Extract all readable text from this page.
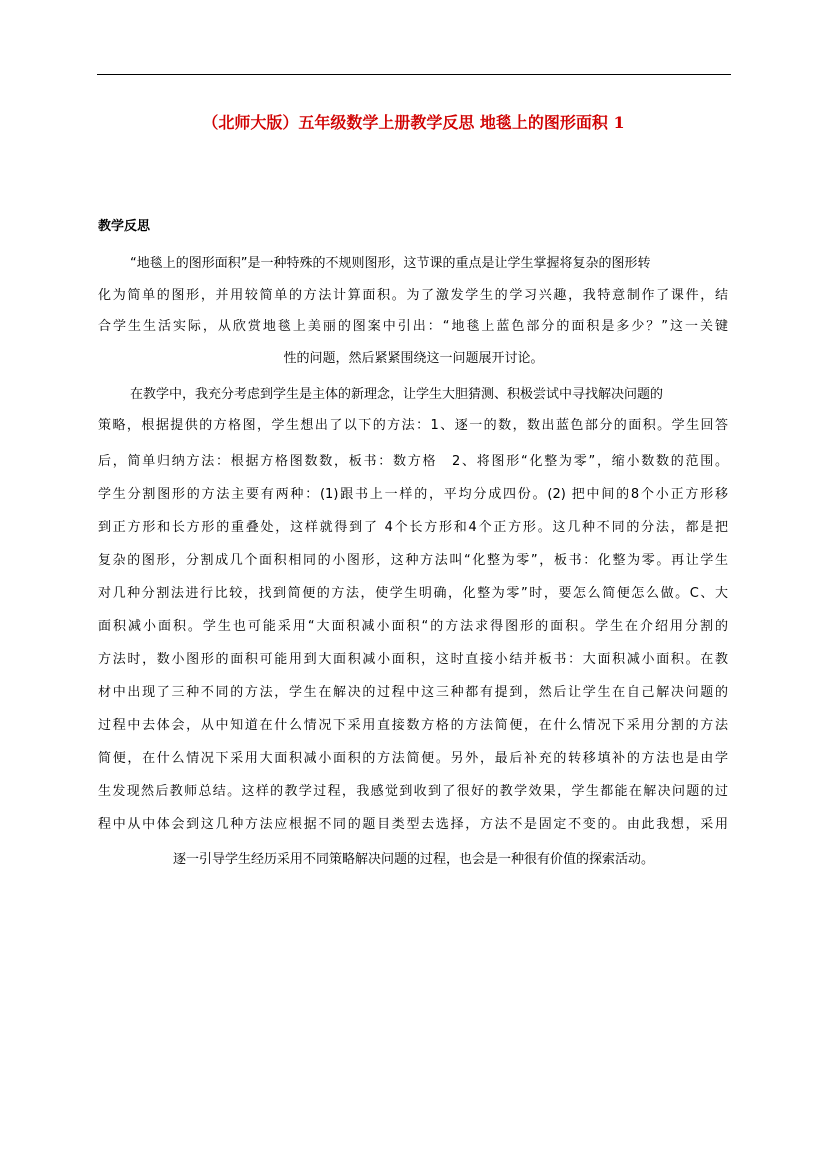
（北师大版）五年级数学上册教学反思 地毯上的图形面积 1
教学反思
“地毯上的图形面积”是一种特殊的不规则图形，这节课的重点是让学生掌握将复杂的图形转
化为简单的图形，并用较简单的方法计算面积。为了激发学生的学习兴趣，我特意制作了课件，结
合学生生活实际，从欣赏地毯上美丽的图案中引出：“地毯上蓝色部分的面积是多少？”这一关键
性的问题，然后紧紧围绕这一问题展开讨论。
在教学中，我充分考虑到学生是主体的新理念，让学生大胆猜测、积极尝试中寻找解决问题的
策略，根据提供的方格图，学生想出了以下的方法：1、逐一的数，数出蓝色部分的面积。学生回答
后，简单归纳方法：根据方格图数数，板书：数方格　2、将图形“化整为零”，缩小数数的范围。
学生分割图形的方法主要有两种：(1)跟书上一样的，平均分成四份。(2) 把中间的8个小正方形移
到正方形和长方形的重叠处，这样就得到了 4个长方形和4个正方形。这几种不同的分法，都是把
复杂的图形，分割成几个面积相同的小图形，这种方法叫“化整为零”，板书：化整为零。再让学生
对几种分割法进行比较，找到简便的方法，使学生明确，化整为零”时，要怎么简便怎么做。C、大
面积减小面积。学生也可能采用“大面积减小面积“的方法求得图形的面积。学生在介绍用分割的
方法时，数小图形的面积可能用到大面积减小面积，这时直接小结并板书：大面积减小面积。在教
材中出现了三种不同的方法，学生在解决的过程中这三种都有提到，然后让学生在自己解决问题的
过程中去体会，从中知道在什么情况下采用直接数方格的方法简便，在什么情况下采用分割的方法
简便，在什么情况下采用大面积减小面积的方法简便。另外，最后补充的转移填补的方法也是由学
生发现然后教师总结。这样的教学过程，我感觉到收到了很好的教学效果，学生都能在解决问题的过
程中从中体会到这几种方法应根据不同的题目类型去选择，方法不是固定不变的。由此我想，采用
逐一引导学生经历采用不同策略解决问题的过程，也会是一种很有价值的探索活动。
